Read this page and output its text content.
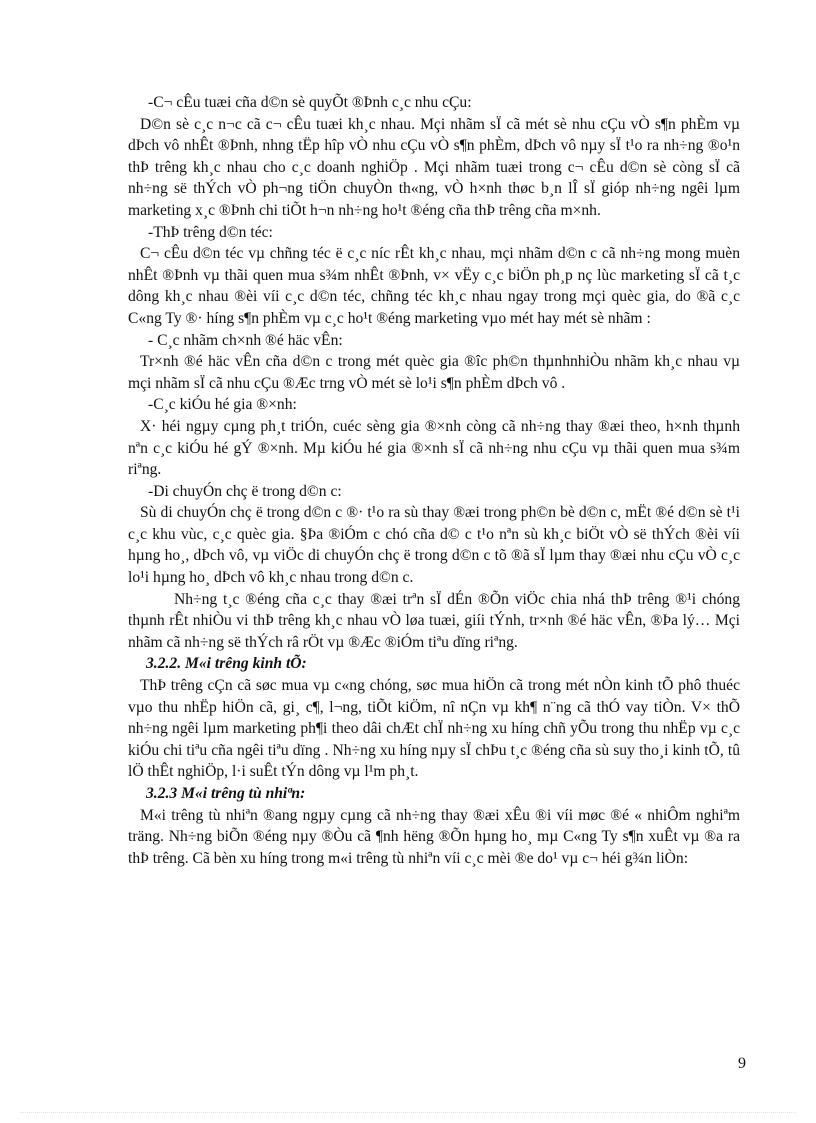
-C¬ cÊu tuæi cña d©n sè quyÕt ®Þnh c¸c nhu cÇu:

D©n sè c¸c n¬c cã c¬ cÊu tuæi kh¸c nhau. Mçi nhãm sÏ cã mét sè nhu cÇu vÒ s¶n phÈm vµ dÞch vô nhÊt ®Þnh, nhng tËp hîp vÒ nhu cÇu vÒ s¶n phÈm, dÞch vô nµy sÏ t¹o ra nh÷ng ®o¹n thÞ trêng kh¸c nhau cho c¸c doanh nghiÖp . Mçi nhãm tuæi trong c¬ cÊu d©n sè còng sÏ cã nh÷ng së thÝch vÒ ph¬ng tiÖn chuyÒn th«ng, vÒ h×nh thøc b¸n lÎ sÏ gióp nh÷ng ngêi lµm marketing x¸c ®Þnh chi tiÕt h¬n nh÷ng ho¹t ®éng cña thÞ trêng cña m×nh.

-ThÞ trêng d©n téc:

C¬ cÊu d©n téc vµ chñng téc ë c¸c níc rÊt kh¸c nhau, mçi nhãm d©n c cã nh÷ng mong muèn nhÊt ®Þnh vµ thãi quen mua s¾m nhÊt ®Þnh, v× vËy c¸c biÖn ph¸p nç lùc marketing sÏ cã t¸c dông kh¸c nhau ®èi víi c¸c d©n téc, chñng téc kh¸c nhau ngay trong mçi quèc gia, do ®ã c¸c C«ng Ty ®· híng s¶n phÈm vµ c¸c ho¹t ®éng marketing vµo mét hay mét sè nhãm :

- C¸c nhãm ch×nh ®é häc vÊn:

Tr×nh ®é häc vÊn cña d©n c trong mét quèc gia ®îc ph©n thµnhnhiÒu nhãm kh¸c nhau vµ mçi nhãm sÏ cã nhu cÇu ®Æc trng vÒ mét sè lo¹i s¶n phÈm dÞch vô .

-C¸c kiÓu hé gia ®×nh:

X· héi ngµy cµng ph¸t triÓn, cuéc sèng gia ®×nh còng cã nh÷ng thay ®æi theo, h×nh thµnh nªn c¸c kiÓu hé gÝ ®×nh. Mµ kiÓu hé gia ®×nh sÏ cã nh÷ng nhu cÇu vµ thãi quen mua s¾m riªng.

-Di chuyÓn chç ë trong d©n c:

Sù di chuyÓn chç ë trong d©n c ®· t¹o ra sù thay ®æi trong ph©n bè d©n c, mËt ®é d©n sè t¹i c¸c khu vùc, c¸c quèc gia. §Þa ®iÓm c chó cña d© c t¹o nªn sù kh¸c biÖt vÒ së thÝch ®èi víi hµng ho¸, dÞch vô, vµ viÖc di chuyÓn chç ë trong d©n c tõ ®ã sÏ lµm thay ®æi nhu cÇu vÒ c¸c lo¹i hµng ho¸ dÞch vô kh¸c nhau trong d©n c.

Nh÷ng t¸c ®éng cña c¸c thay ®æi trªn sÏ dÉn ®Õn viÖc chia nhá thÞ trêng ®¹i chóng thµnh rÊt nhiÒu vi thÞ trêng kh¸c nhau vÒ løa tuæi, giíi tÝnh, tr×nh ®é häc vÊn, ®Þa lý… Mçi nhãm cã nh÷ng së thÝch râ rÖt vµ ®Æc ®iÓm tiªu dïng riªng.

3.2.2. M«i trêng kinh tÕ:

ThÞ trêng cÇn cã søc mua vµ c«ng chóng, søc mua hiÖn cã trong mét nÒn kinh tÕ phô thuéc vµo thu nhËp hiÖn cã, gi¸ c¶, l¬ng, tiÕt kiÖm, nî nÇn vµ kh¶ n¨ng cã thÓ vay tiÒn. V× thÕ nh÷ng ngêi lµm marketing ph¶i theo dâi chÆt chÏ nh÷ng xu híng chñ yÕu trong thu nhËp vµ c¸c kiÓu chi tiªu cña ngêi tiªu dïng . Nh÷ng xu híng nµy sÏ chÞu t¸c ®éng cña sù suy tho¸i kinh tÕ, tû lÖ thÊt nghiÖp, l·i suÊt tÝn dông vµ l¹m ph¸t.

3.2.3 M«i trêng tù nhiªn:

M«i trêng tù nhiªn ®ang ngµy cµng cã nh÷ng thay ®æi xÊu ®i víi møc ®é « nhiÔm nghiªm träng. Nh÷ng biÕn ®éng nµy ®Òu cã ¶nh hëng ®Õn hµng ho¸ mµ C«ng Ty s¶n xuÊt vµ ®a ra thÞ trêng. Cã bèn xu híng trong m«i trêng tù nhiªn víi c¸c mèi ®e do¹ vµ c¬ héi g¾n liÒn:

9
